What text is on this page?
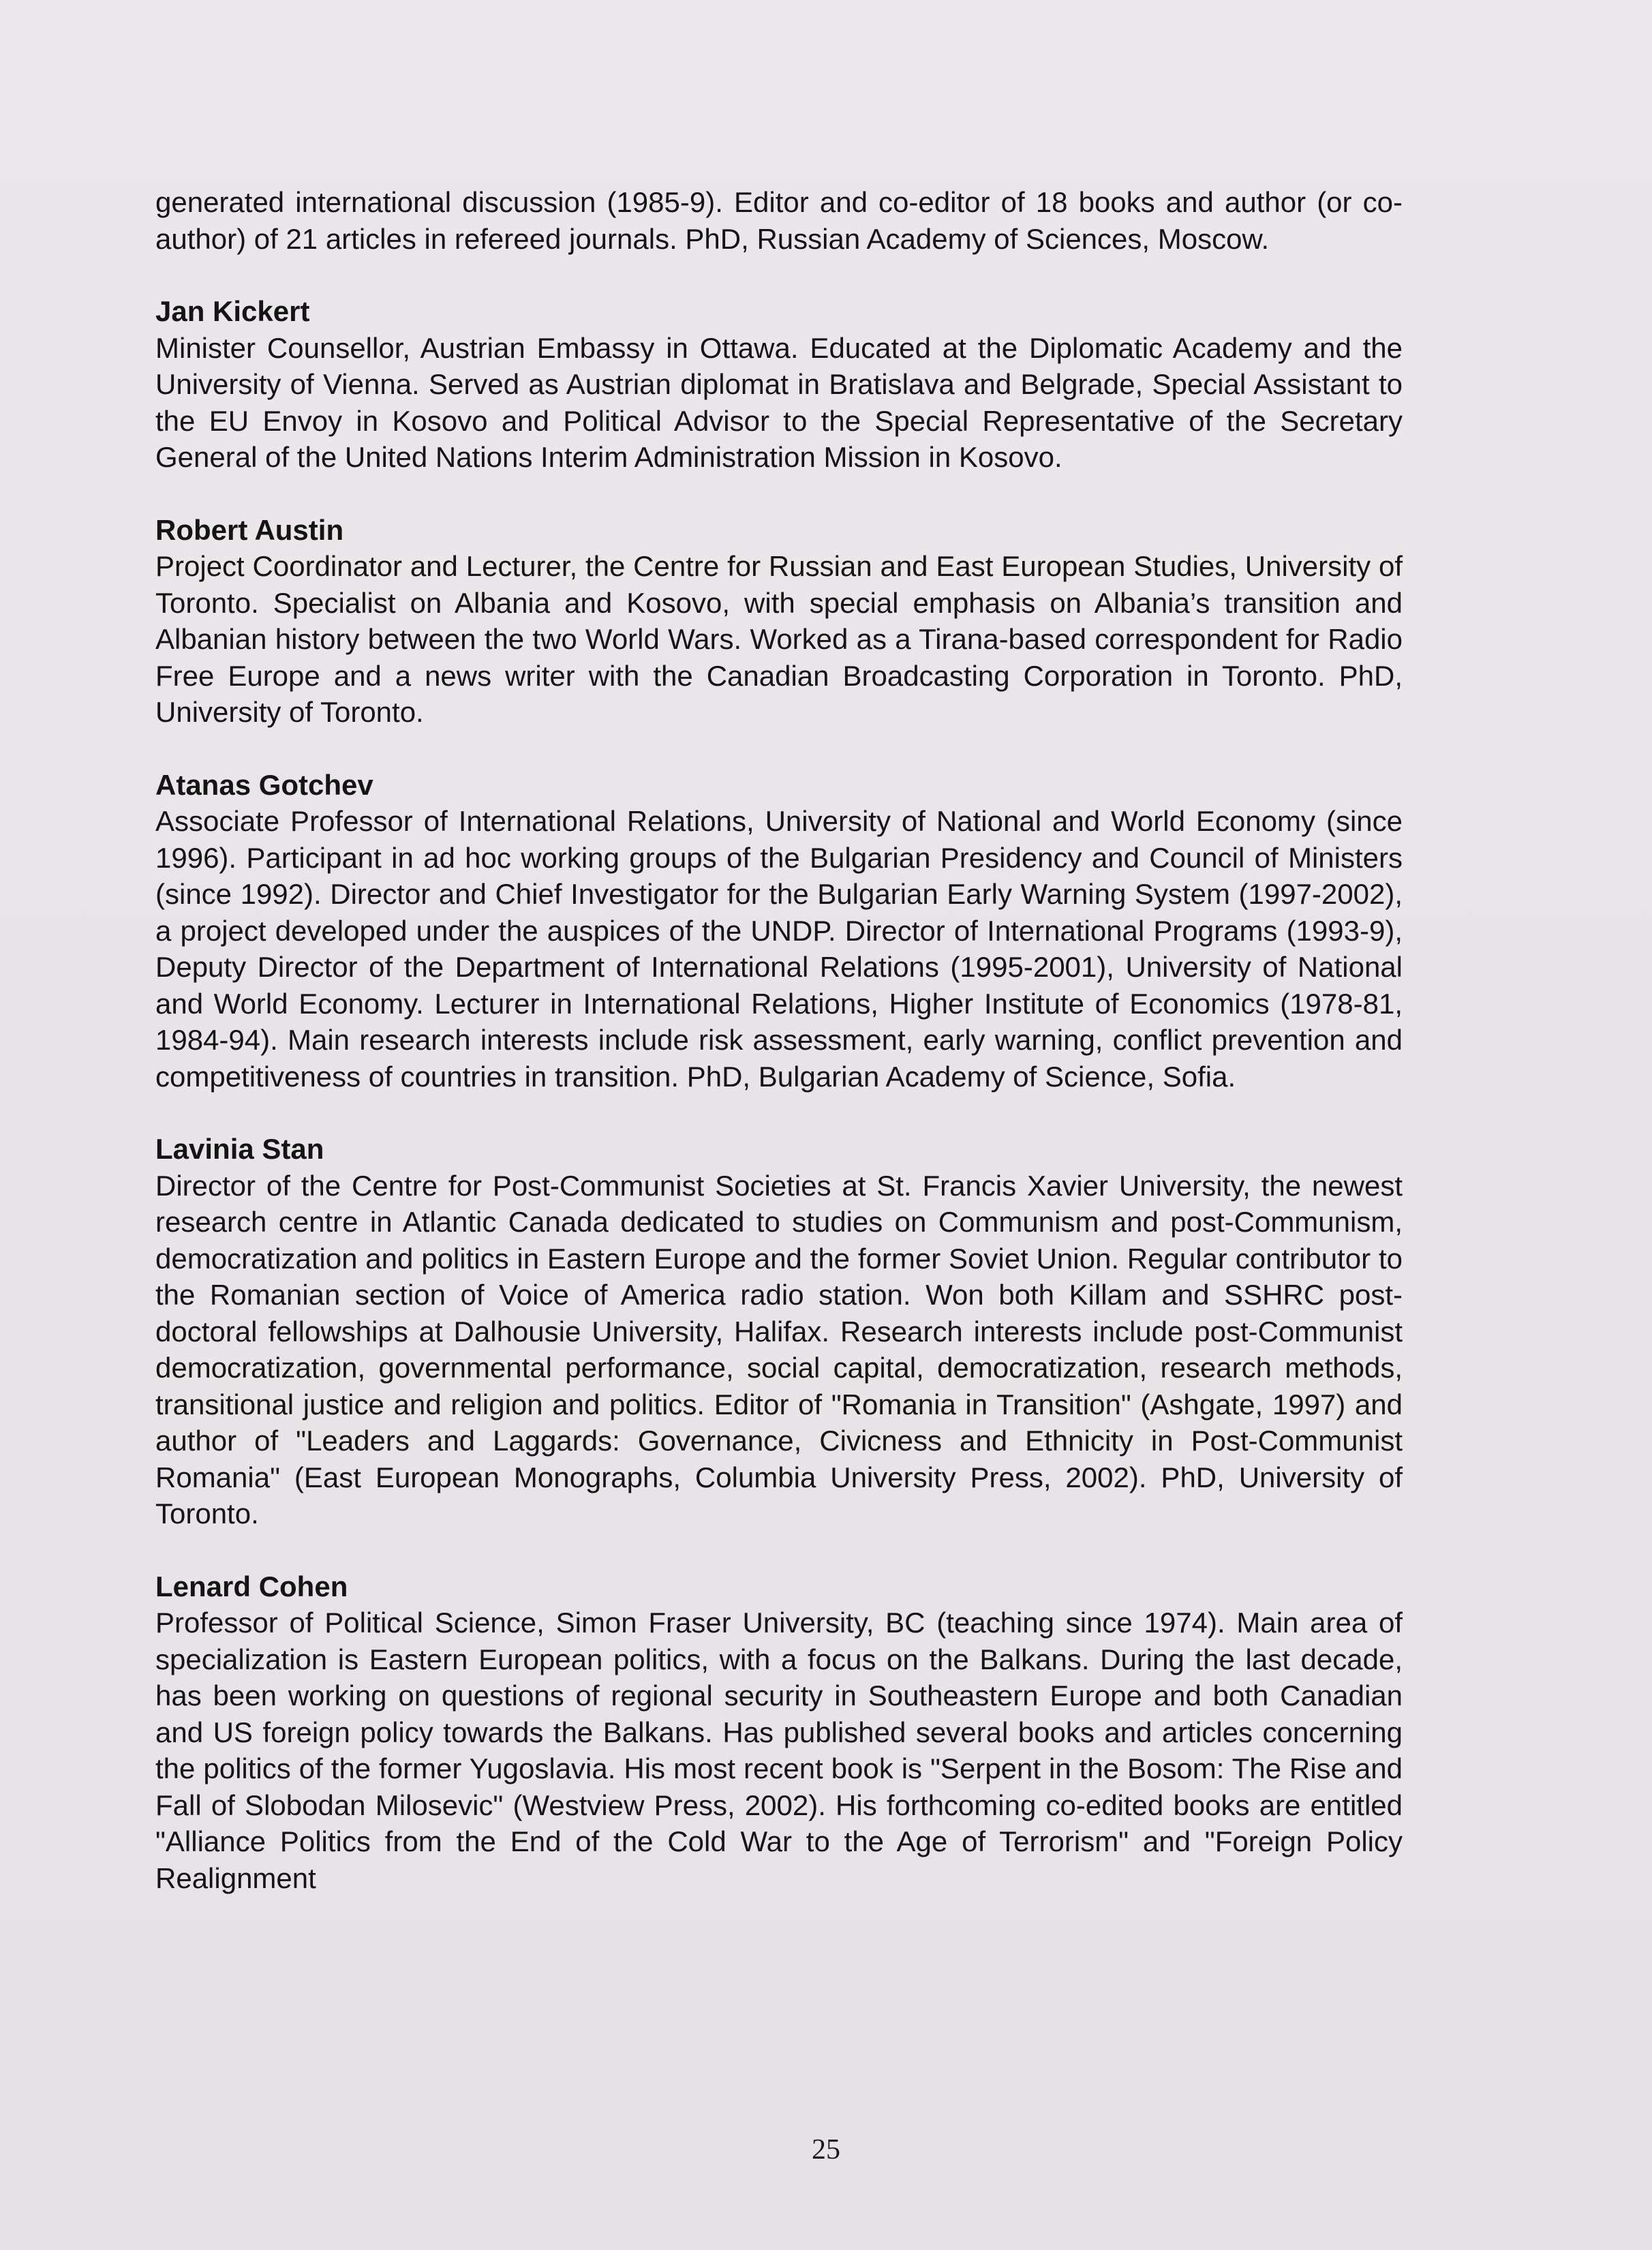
generated international discussion (1985-9). Editor and co-editor of 18 books and author (or co-author) of 21 articles in refereed journals. PhD, Russian Academy of Sciences, Moscow.

Jan Kickert

Minister Counsellor, Austrian Embassy in Ottawa. Educated at the Diplomatic Academy and the University of Vienna. Served as Austrian diplomat in Bratislava and Belgrade, Special Assistant to the EU Envoy in Kosovo and Political Advisor to the Special Representative of the Secretary General of the United Nations Interim Administration Mission in Kosovo.

Robert Austin

Project Coordinator and Lecturer, the Centre for Russian and East European Studies, University of Toronto. Specialist on Albania and Kosovo, with special emphasis on Albania’s transition and Albanian history between the two World Wars. Worked as a Tirana-based correspondent for Radio Free Europe and a news writer with the Canadian Broadcasting Corporation in Toronto. PhD, University of Toronto.

Atanas Gotchev

Associate Professor of International Relations, University of National and World Economy (since 1996). Participant in ad hoc working groups of the Bulgarian Presidency and Council of Ministers (since 1992). Director and Chief Investigator for the Bulgarian Early Warning System (1997-2002), a project developed under the auspices of the UNDP. Director of International Programs (1993-9), Deputy Director of the Department of International Relations (1995-2001), University of National and World Economy. Lecturer in International Relations, Higher Institute of Economics (1978-81, 1984-94). Main research interests include risk assessment, early warning, conflict prevention and competitiveness of countries in transition. PhD, Bulgarian Academy of Science, Sofia.

Lavinia Stan

Director of the Centre for Post-Communist Societies at St. Francis Xavier University, the newest research centre in Atlantic Canada dedicated to studies on Communism and post-Communism, democratization and politics in Eastern Europe and the former Soviet Union. Regular contributor to the Romanian section of Voice of America radio station. Won both Killam and SSHRC post-doctoral fellowships at Dalhousie University, Halifax. Research interests include post-Communist democratization, governmental performance, social capital, democratization, research methods, transitional justice and religion and politics. Editor of "Romania in Transition" (Ashgate, 1997) and author of "Leaders and Laggards: Governance, Civicness and Ethnicity in Post-Communist Romania" (East European Monographs, Columbia University Press, 2002). PhD, University of Toronto.

Lenard Cohen

Professor of Political Science, Simon Fraser University, BC (teaching since 1974). Main area of specialization is Eastern European politics, with a focus on the Balkans. During the last decade, has been working on questions of regional security in Southeastern Europe and both Canadian and US foreign policy towards the Balkans. Has published several books and articles concerning the politics of the former Yugoslavia. His most recent book is "Serpent in the Bosom: The Rise and Fall of Slobodan Milosevic" (Westview Press, 2002). His forthcoming co-edited books are entitled "Alliance Politics from the End of the Cold War to the Age of Terrorism" and "Foreign Policy Realignment

25
